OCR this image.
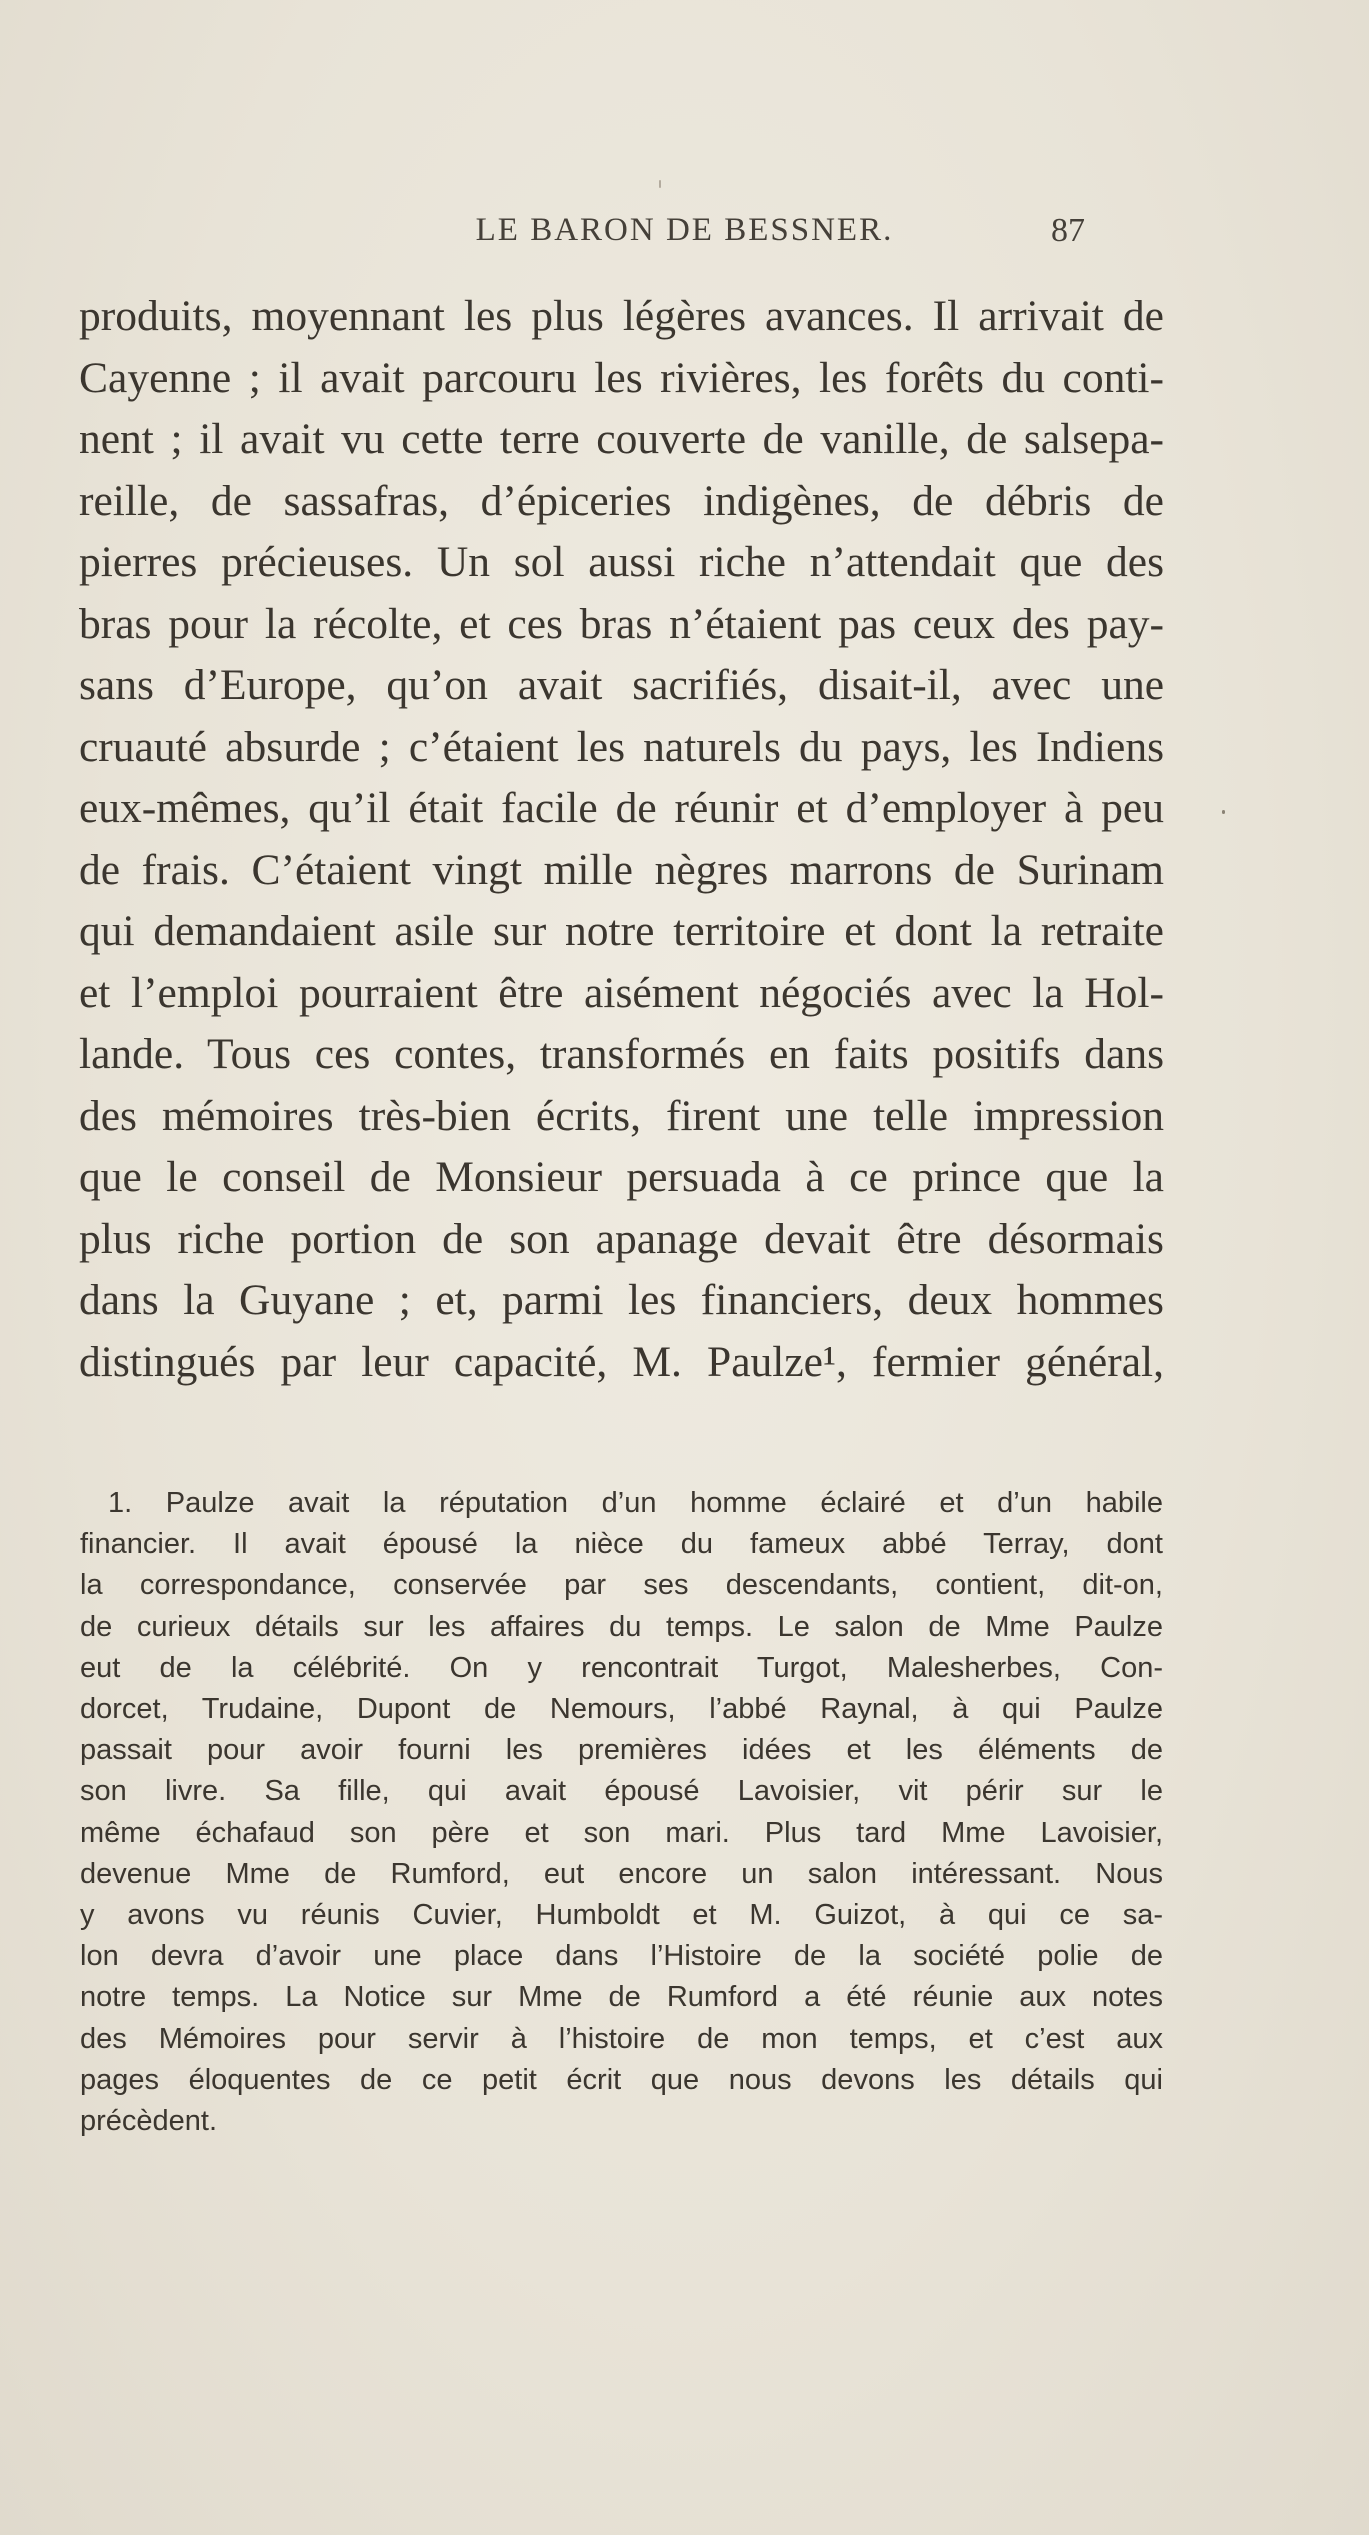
LE BARON DE BESSNER.	87
produits, moyennant les plus légères avances. Il arrivait de
Cayenne ; il avait parcouru les rivières, les forêts du conti-
nent ; il avait vu cette terre couverte de vanille, de salsepa-
reille, de sassafras, d’épiceries indigènes, de débris de
pierres précieuses. Un sol aussi riche n’attendait que des
bras pour la récolte, et ces bras n’étaient pas ceux des pay-
sans d’Europe, qu’on avait sacrifiés, disait-il, avec une
cruauté absurde ; c’étaient les naturels du pays, les Indiens
eux-mêmes, qu’il était facile de réunir et d’employer à peu
de frais. C’étaient vingt mille nègres marrons de Surinam
qui demandaient asile sur notre territoire et dont la retraite
et l’emploi pourraient être aisément négociés avec la Hol-
lande. Tous ces contes, transformés en faits positifs dans
des mémoires très-bien écrits, firent une telle impression
que le conseil de Monsieur persuada à ce prince que la
plus riche portion de son apanage devait être désormais
dans la Guyane ; et, parmi les financiers, deux hommes
distingués par leur capacité, M. Paulze¹, fermier général,
1. Paulze avait la réputation d’un homme éclairé et d’un habile
financier. Il avait épousé la nièce du fameux abbé Terray, dont
la correspondance, conservée par ses descendants, contient, dit-on,
de curieux détails sur les affaires du temps. Le salon de Mme Paulze
eut de la célébrité. On y rencontrait Turgot, Malesherbes, Con-
dorcet, Trudaine, Dupont de Nemours, l’abbé Raynal, à qui Paulze
passait pour avoir fourni les premières idées et les éléments de
son livre. Sa fille, qui avait épousé Lavoisier, vit périr sur le
même échafaud son père et son mari. Plus tard Mme Lavoisier,
devenue Mme de Rumford, eut encore un salon intéressant. Nous
y avons vu réunis Cuvier, Humboldt et M. Guizot, à qui ce sa-
lon devra d’avoir une place dans l’Histoire de la société polie de
notre temps. La Notice sur Mme de Rumford a été réunie aux notes
des Mémoires pour servir à l’histoire de mon temps, et c’est aux
pages éloquentes de ce petit écrit que nous devons les détails qui
précèdent.
